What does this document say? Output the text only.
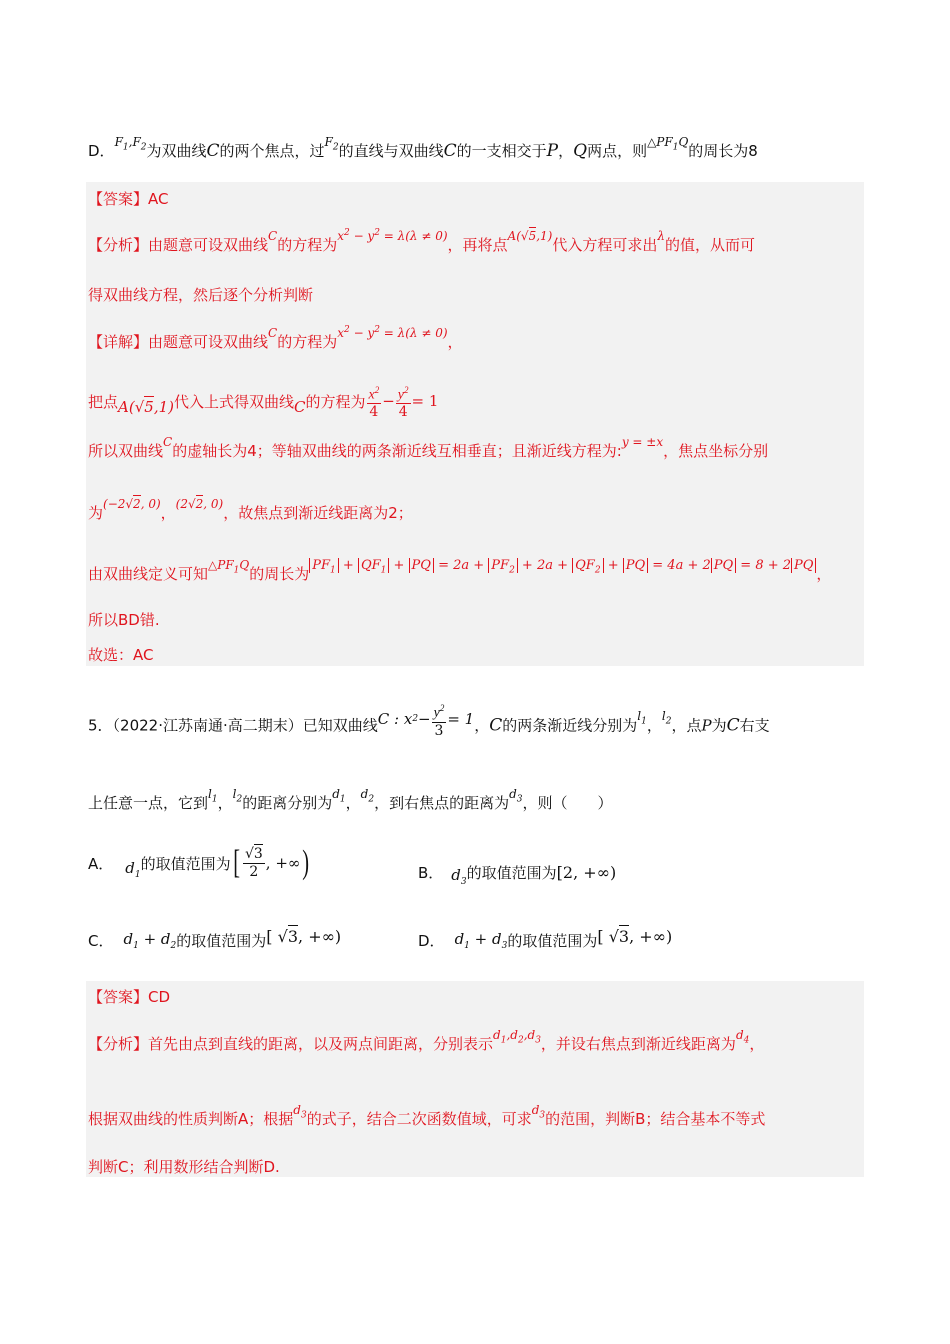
D．$^{F_1,F_2}$为双曲线C的两个焦点，过$^{F_2}$的直线与双曲线C的一支相交于P，Q两点，则$^{\triangle PF_1Q}$的周长为8
【答案】AC
【分析】由题意可设双曲线$^C$的方程为$^{x^2 - y^2 = \lambda(\lambda \ne 0)}$，再将点$^{A(√5,1)}$代入方程可求出$^\lambda$的值，从而可
得双曲线方程，然后逐个分析判断
【详解】由题意可设双曲线$^C$的方程为$^{x^2 - y^2 = \lambda(\lambda \ne 0)}$，
把点 A(√5,1) 代入上式得双曲线 C 的方程为 $\frac{x^2}{4} - \frac{y^2}{4} = 1$
所以双曲线$^C$的虚轴长为4；等轴双曲线的两条渐近线互相垂直；且渐近线方程为:$^{y = \pm x}$，焦点坐标分别
为$^{(-2√2, 0)}$，$^{(2√2, 0)}$，故焦点到渐近线距离为2；
由双曲线定义可知$^{\triangle PF_1Q}$的周长为 $PF_1 + QF_1$ + PQ = $2a + PF_2 + 2a + QF_2$ + PQ = 4a + 2 PQ = 8 + 2 PQ ，
所以BD错.
故选：AC
5．（2022·江苏南通·高二期末）已知双曲线C : x $2 - \frac{y^2}{3} = 1$，C的两条渐近线分别为$^{l_1}$，$^{l_2}$，点P为C右支
上任意一点，它到$^{l_1}$，$^{l_2}$的距离分别为$^{d_1}$，$^{d_2}$，到右焦点的距离为$^{d_3}$，则（　　）
A． $d_1$
的取值范围为 [ $\frac{√3}{2}$ , +∞ )	B． $d_3$ 的取值范围为 [2, +∞)
C． $d_1 + d_2$ 的取值范围为 [ √3, +∞)	D． $d_1 + d_3$ 的取值范围为 [ √3, +∞)
【答案】CD
【分析】首先由点到直线的距离，以及两点间距离，分别表示$^{d_1,d_2,d_3}$，并设右焦点到渐近线距离为$^{d_4}$，
根据双曲线的性质判断A；根据$^{d_3}$的式子，结合二次函数值域，可求$^{d_3}$的范围，判断B；结合基本不等式
判断C；利用数形结合判断D.
